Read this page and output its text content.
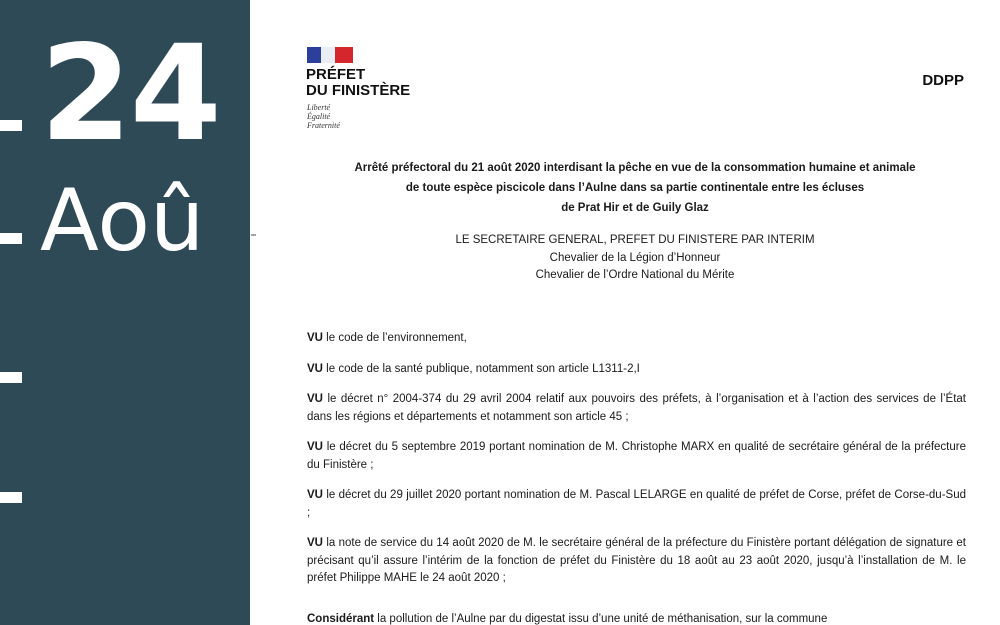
24
Aoû
PRÉFET
DU FINISTÈRE
Liberté
Égalité
Fraternité
DDPP
Arrêté préfectoral du 21 août 2020 interdisant la pêche en vue de la consommation humaine et animale
de toute espèce piscicole dans l’Aulne dans sa partie continentale entre les écluses
de Prat Hir et de Guily Glaz
LE SECRETAIRE GENERAL, PREFET DU FINISTERE PAR INTERIM
Chevalier de la Légion d’Honneur
Chevalier de l’Ordre National du Mérite
VU le code de l’environnement,
VU le code de la santé publique, notamment son article L1311-2,I
VU le décret n° 2004-374 du 29 avril 2004 relatif aux pouvoirs des préfets, à l’organisation et à l’action des services de l’État dans les régions et départements et notamment son article 45 ;
VU le décret du 5 septembre 2019 portant nomination de M. Christophe MARX en qualité de secrétaire général de la préfecture du Finistère ;
VU le décret du 29 juillet 2020 portant nomination de M. Pascal LELARGE en qualité de préfet de Corse, préfet de Corse-du-Sud ;
VU la note de service du 14 août 2020 de M. le secrétaire général de la préfecture du Finistère portant délégation de signature et précisant qu’il assure l’intérim de la fonction de préfet du Finistère du 18 août au 23 août 2020, jusqu’à l’installation de M. le préfet Philippe MAHE le 24 août 2020 ;
Considérant la pollution de l’Aulne par du digestat issu d’une unité de méthanisation, sur la commune
